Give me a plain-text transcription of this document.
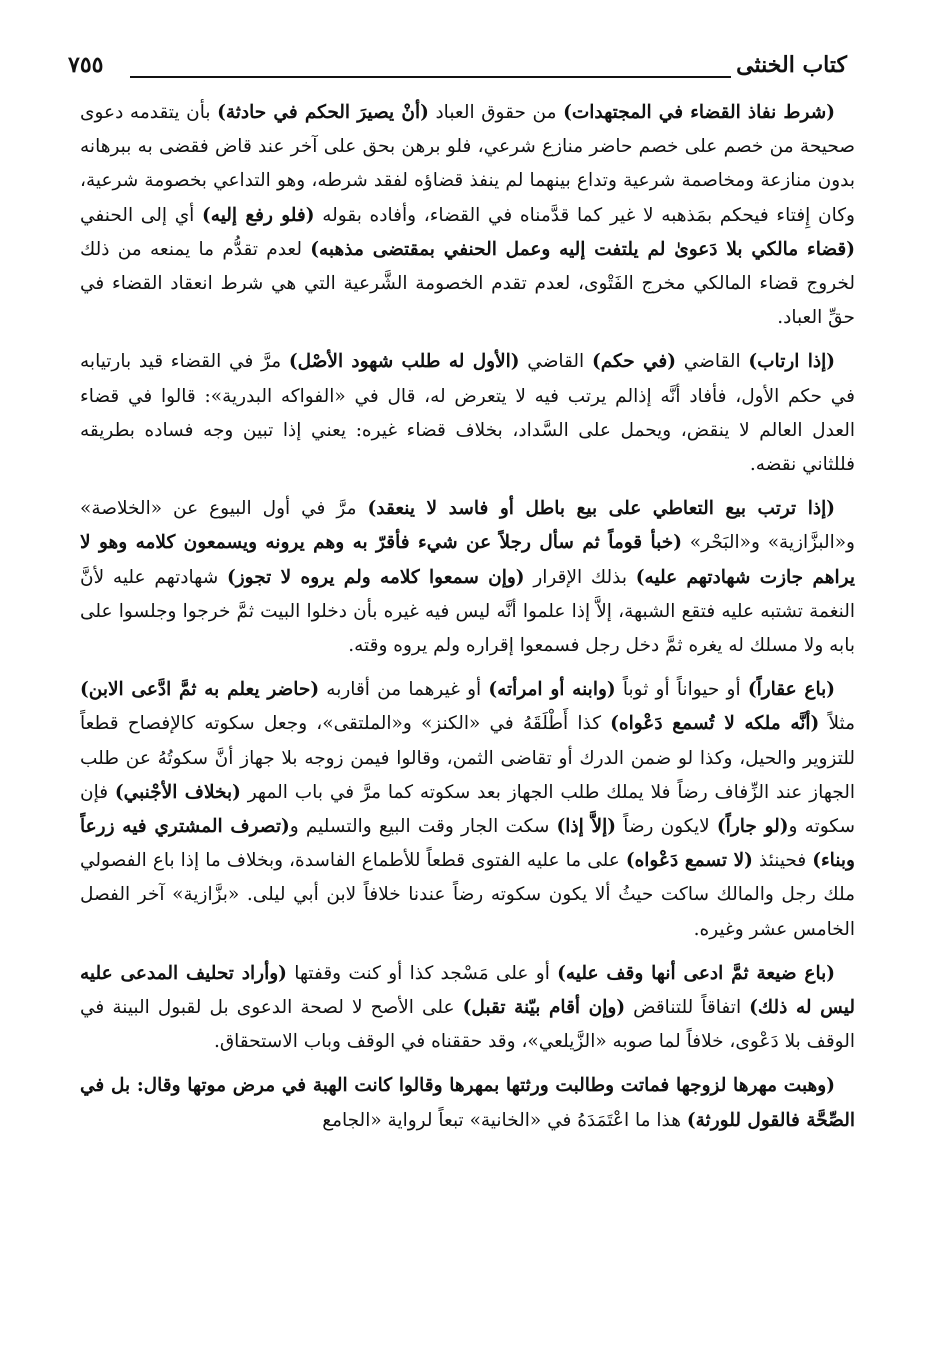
كتاب الخنثى
٧٥٥

(شرط نفاذ القضاء في المجتهدات) من حقوق العباد (أنْ يصيرَ الحكم في حادثة) بأن يتقدمه دعوى صحيحة من خصم على خصم حاضر منازع شرعي، فلو برهن بحق على آخر عند قاض فقضى به ببرهانه بدون منازعة ومخاصمة شرعية وتداع بينهما لم ينفذ قضاؤه لفقد شرطه، وهو التداعي بخصومة شرعية، وكان إِفتاء فيحكم بمَذهبه لا غير كما قدَّمناه في القضاء، وأفاده بقوله (فلو رفع إليه) أي إلى الحنفي (قضاء مالكي بلا دَعوىٰ لم يلتفت إليه وعمل الحنفي بمقتضى مذهبه) لعدم تقدُّم ما يمنعه من ذلك لخروج قضاء المالكي مخرج الفَتْوى، لعدم تقدم الخصومة الشَّرعية التي هي شرط انعقاد القضاء في حقِّ العباد.

(إذا ارتاب) القاضي (في حكم) القاضي (الأول له طلب شهود الأصْل) مرَّ في القضاء قيد بارتيابه في حكم الأول، فأفاد أنَّه إذالم يرتب فيه لا يتعرض له، قال في «الفواكه البدرية»: قالوا في قضاء العدل العالم لا ينقض، ويحمل على السَّداد، بخلاف قضاء غيره: يعني إذا تبين وجه فساده بطريقه فللثاني نقضه.

(إذا ترتب بيع التعاطي على بيع باطل أو فاسد لا ينعقد) مرَّ في أول البيوع عن «الخلاصة» و«البزَّازية» و«البَحْر» (خبأ قوماً ثم سأل رجلاً عن شيء فأقرّ به وهم يرونه ويسمعون كلامه وهو لا يراهم جازت شهادتهم عليه) بذلك الإقرار (وإن سمعوا كلامه ولم يروه لا تجوز) شهادتهم عليه لأنَّ النغمة تشتبه عليه فتقع الشبهة، إلاَّ إذا علموا أنَّه ليس فيه غيره بأن دخلوا البيت ثمَّ خرجوا وجلسوا على بابه ولا مسلك له يغره ثمَّ دخل رجل فسمعوا إقراره ولم يروه وقته.

(باع عقاراً) أو حيواناً أو ثوباً (وابنه أو امرأته) أو غيرهما من أقاربه (حاضر يعلم به ثمَّ ادَّعى الابن) مثلاً (أنَّه ملكه لا تُسمع دَعْواه) كذا أَطْلَقَهُ في «الكنز» و«الملتقى»، وجعل سكوته كالإفصاح قطعاً للتزوير والحيل، وكذا لو ضمن الدرك أو تقاضى الثمن، وقالوا فيمن زوجه بلا جهاز أنَّ سكوتُهُ عن طلب الجهاز عند الزِّفاف رضاً فلا يملك طلب الجهاز بعد سكوته كما مرَّ في باب المهر (بخلاف الأجْنبي) فإن سكوته و(لو جاراً) لايكون رضاً (إلاَّ إذا) سكت الجار وقت البيع والتسليم و(تصرف المشتري فيه زرعاً وبناء) فحينئذ (لا تسمع دَعْواه) على ما عليه الفتوى قطعاً للأطماع الفاسدة، وبخلاف ما إذا باع الفصولي ملك رجل والمالك ساكت حيثُ ألا يكون سكوته رضاً عندنا خلافاً لابن أبي ليلى. «بزَّازية» آخر الفصل الخامس عشر وغيره.

(باع ضيعة ثمَّ ادعى أنها وقف عليه) أو على مَسْجد كذا أو كنت وقفتها (وأراد تحليف المدعى عليه ليس له ذلك) اتفاقاً للتناقض (وإن أقام بيّنة تقبل) على الأصح لا لصحة الدعوى بل لقبول البينة في الوقف بلا دَعْوى، خلافاً لما صوبه «الزَّيلعي»، وقد حققناه في الوقف وباب الاستحقاق.

(وهبت مهرها لزوجها فماتت وطالبت ورثتها بمهرها وقالوا كانت الهبة في مرض موتها وقال: بل في الصِّحَّة فالقول للورثة) هذا ما اعْتَمَدَهُ في «الخانية» تبعاً لرواية «الجامع
